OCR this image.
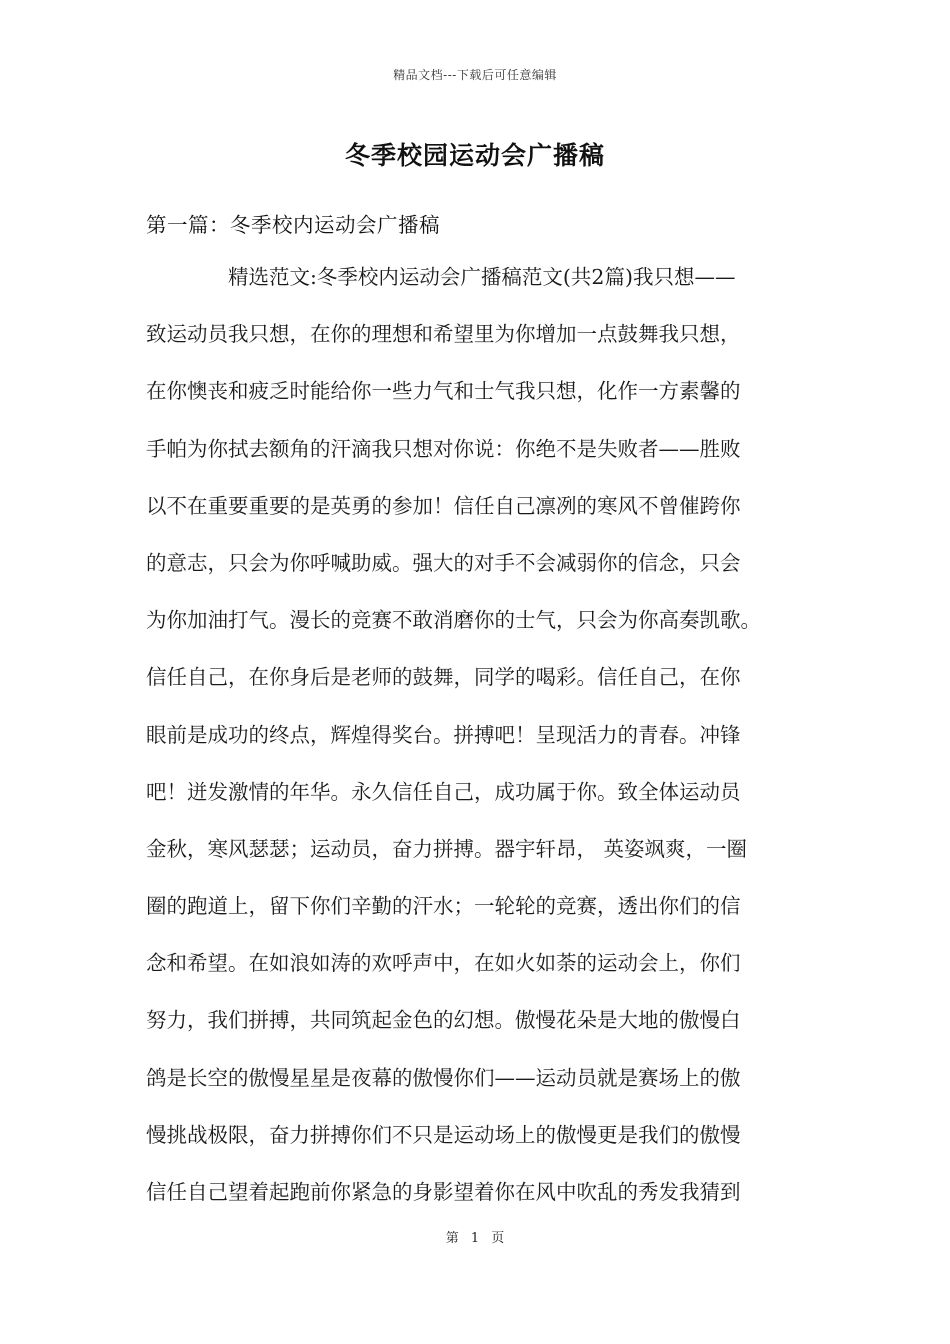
精品文档---下载后可任意编辑
冬季校园运动会广播稿
第一篇：冬季校内运动会广播稿
精选范文:冬季校内运动会广播稿范文(共2篇)我只想——
致运动员我只想，在你的理想和希望里为你增加一点鼓舞我只想，
在你懊丧和疲乏时能给你一些力气和士气我只想，化作一方素馨的
手帕为你拭去额角的汗滴我只想对你说：你绝不是失败者——胜败
以不在重要重要的是英勇的参加！信任自己凛冽的寒风不曾催跨你
的意志，只会为你呼喊助威。强大的对手不会减弱你的信念，只会
为你加油打气。漫长的竞赛不敢消磨你的士气，只会为你高奏凯歌。
信任自己，在你身后是老师的鼓舞，同学的喝彩。信任自己，在你
眼前是成功的终点，辉煌得奖台。拼搏吧！呈现活力的青春。冲锋
吧！迸发激情的年华。永久信任自己，成功属于你。致全体运动员
金秋，寒风瑟瑟；运动员，奋力拼搏。器宇轩昂， 英姿飒爽，一圈
圈的跑道上，留下你们辛勤的汗水；一轮轮的竞赛，透出你们的信
念和希望。在如浪如涛的欢呼声中，在如火如荼的运动会上，你们
努力，我们拼搏，共同筑起金色的幻想。傲慢花朵是大地的傲慢白
鸽是长空的傲慢星星是夜幕的傲慢你们——运动员就是赛场上的傲
慢挑战极限，奋力拼搏你们不只是运动场上的傲慢更是我们的傲慢
信任自己望着起跑前你紧急的身影望着你在风中吹乱的秀发我猜到
第 1 页
